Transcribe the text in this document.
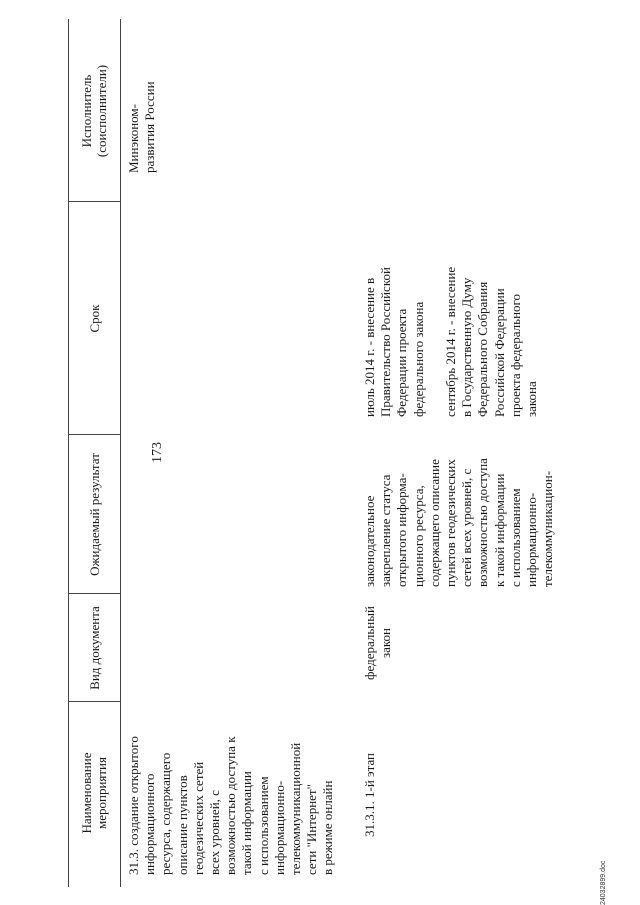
173
Наименование
мероприятия
Вид документа
Ожидаемый результат
Срок
Исполнитель
(соисполнители)
31.3. создание открытого
информационного
ресурса, содержащего
описание пунктов
геодезических сетей
всех уровней, с
возможностью доступа к
такой информации
с использованием
информационно-
телекоммуникационной
сети "Интернет"
в режиме онлайн
Минэконом-
развития России
31.3.1. 1-й этап
федеральный
закон
законодательное
закрепление статуса
открытого информа-
ционного ресурса,
содержащего описание
пунктов геодезических
сетей всех уровней, с
возможностью доступа
к такой информации
с использованием
информационно-
телекоммуникацион-
июль 2014 г. - внесение в
Правительство Российской
Федерации проекта
федерального закона

сентябрь 2014 г. - внесение
в Государственную Думу
Федерального Собрания
Российской Федерации
проекта федерального
закона
24032899.doc
